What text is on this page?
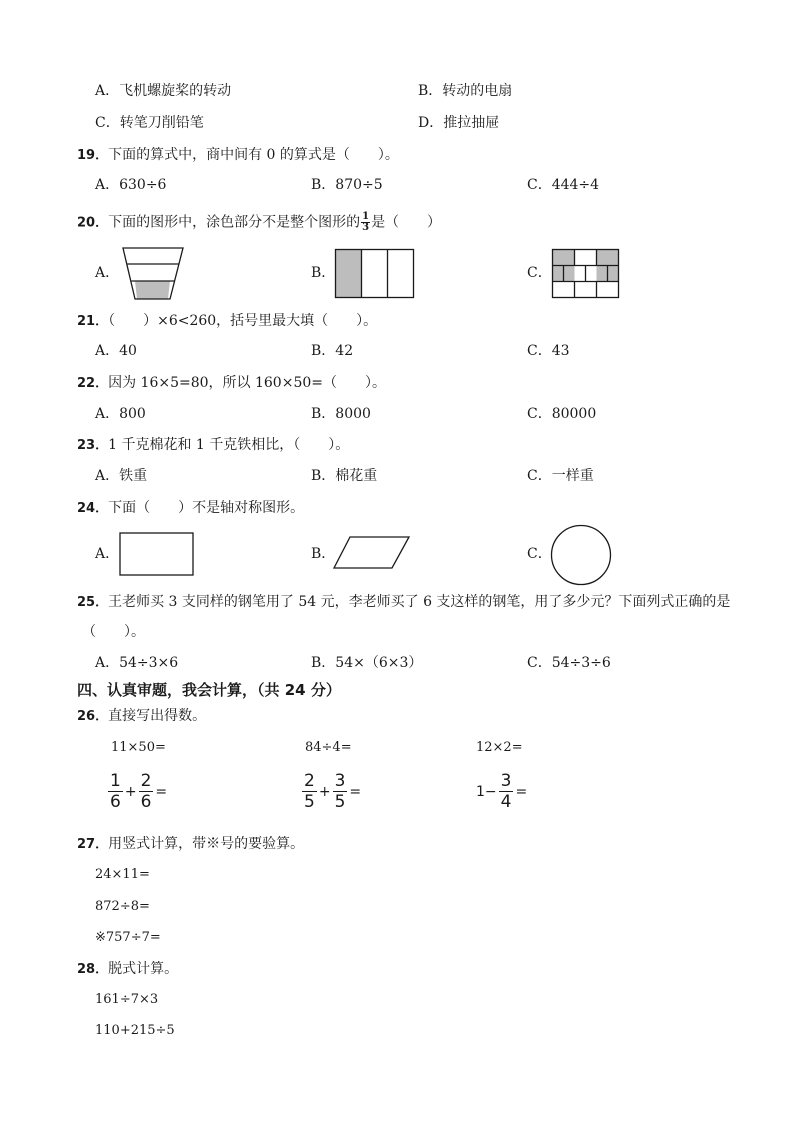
A．飞机螺旋桨的转动	B．转动的电扇
C．转笔刀削铅笔	D．推拉抽屉
19．下面的算式中，商中间有 0 的算式是（　　）。
A．630÷6	B．870÷5	C．444÷4
20．下面的图形中，涂色部分不是整个图形的 $\frac{1}{3}$ 是（　　）
A．	B．	C．
21．（　　）×6<260，括号里最大填（　　）。
A．40	B．42	C．43
22．因为 16×5=80，所以 160×50=（　　）。
A．800	B．8000	C．80000
23．1 千克棉花和 1 千克铁相比，（　　）。
A．铁重	B．棉花重	C．一样重
24．下面（　　）不是轴对称图形。
A．	B．	C．
25．王老师买 3 支同样的钢笔用了 54 元，李老师买了 6 支这样的钢笔，用了多少元？下面列式正确的是
（　　）。
A．54÷3×6	B．54×（6×3）	C．54÷3÷6
四、认真审题，我会计算，（共 24 分）
26．直接写出得数。
11×50=	84÷4=	12×2=
$\frac{1}{6} + \frac{2}{6}$ =	$\frac{2}{5} + \frac{3}{5}$ =	$1- \frac{3}{4}$ =
27．用竖式计算，带※号的要验算。
24×11=
872÷8=
※757÷7=
28．脱式计算。
161÷7×3
110+215÷5
